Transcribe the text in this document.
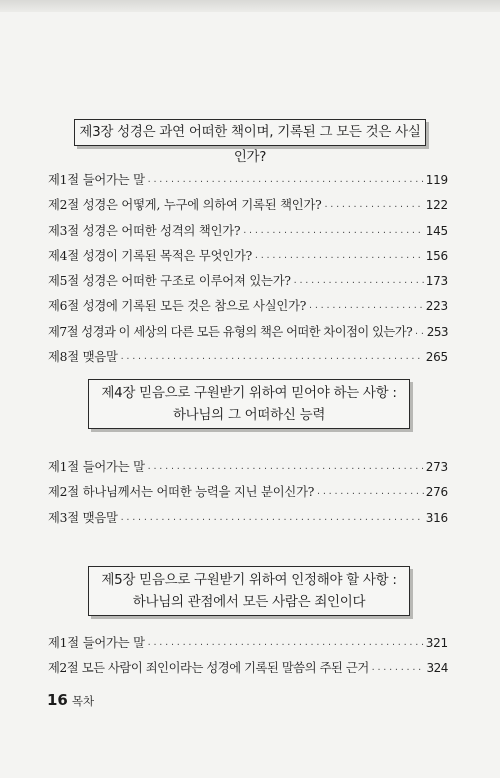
제3장 성경은 과연 어떠한 책이며, 기록된 그 모든 것은 사실인가?
제1절 들어가는 말 ·····	119
제2절 성경은 어떻게, 누구에 의하여 기록된 책인가? ·····	122
제3절 성경은 어떠한 성격의 책인가? ·····	145
제4절 성경이 기록된 목적은 무엇인가? ·····	156
제5절 성경은 어떠한 구조로 이루어져 있는가? ·····	173
제6절 성경에 기록된 모든 것은 참으로 사실인가? ·····	223
제7절 성경과 이 세상의 다른 모든 유형의 책은 어떠한 차이점이 있는가? ····· 253
제8절 맺음말 ·····	265
제4장 믿음으로 구원받기 위하여 믿어야 하는 사항 :
하나님의 그 어떠하신 능력
제1절 들어가는 말 ·····	273
제2절 하나님께서는 어떠한 능력을 지닌 분이신가? ·····	276
제3절 맺음말 ·····	316
제5장 믿음으로 구원받기 위하여 인정해야 할 사항 :
하나님의 관점에서 모든 사람은 죄인이다
제1절 들어가는 말 ·····	321
제2절 모든 사람이 죄인이라는 성경에 기록된 말씀의 주된 근거 ·····	324
16 목차
